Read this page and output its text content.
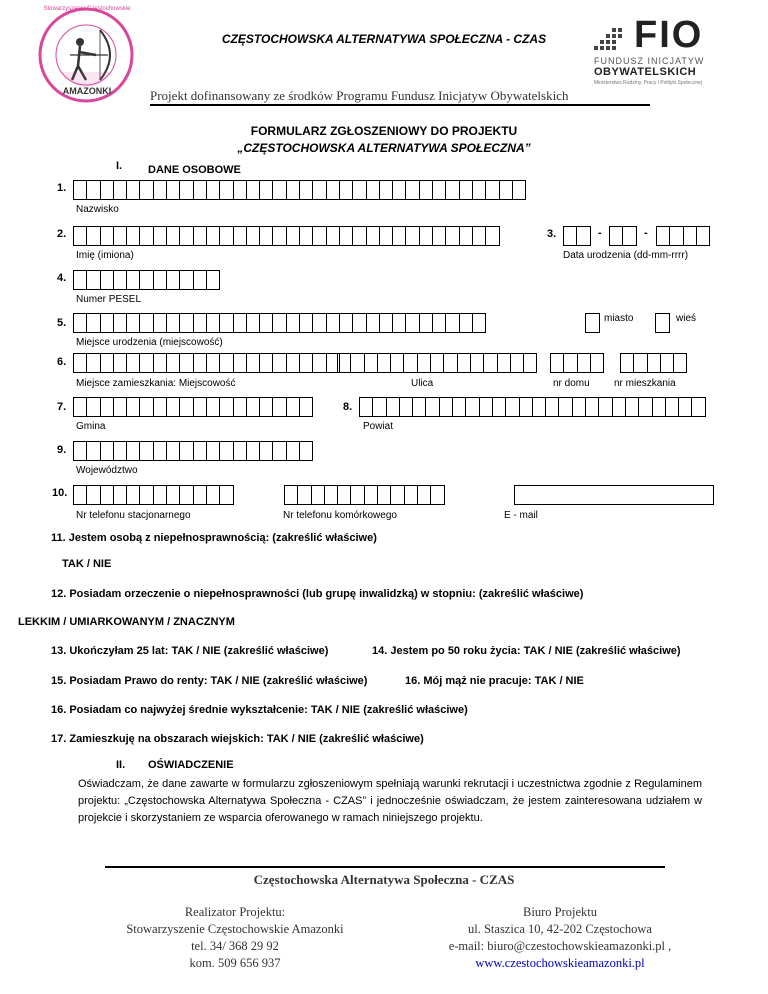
Stowarzyszenie Częstochowskie
AMAZONKI
CZĘSTOCHOWSKA ALTERNATYWA SPOŁECZNA - CZAS	FIO
FUNDUSZ INICJATYW
OBYWATELSKICH
Ministerstwo Rodziny, Pracy i Polityki Społecznej
Projekt dofinansowany ze środków Programu Fundusz Inicjatyw Obywatelskich
FORMULARZ ZGŁOSZENIOWY DO PROJEKTU
„CZĘSTOCHOWSKA ALTERNATYWA SPOŁECZNA”
I. DANE OSOBOWE
1.
Nazwisko
2.
Imię (imiona)
3.	-	-
Data urodzenia (dd-mm-rrrr)
4.
Numer PESEL
5.	miasto	wieś
Miejsce urodzenia (miejscowość)
6.
Miejsce zamieszkania: Miejscowość	Ulica	nr domu nr mieszkania
7.
Gmina
8.
Powiat
9.
Województwo
10.
Nr telefonu stacjonarnego	Nr telefonu komórkowego	E - mail
11. Jestem osobą z niepełnosprawnością: (zakreślić właściwe)
TAK / NIE
12. Posiadam orzeczenie o niepełnosprawności (lub grupę inwalidzką) w stopniu: (zakreślić właściwe)
LEKKIM / UMIARKOWANYM / ZNACZNYM
13. Ukończyłam 25 lat: TAK / NIE (zakreślić właściwe)	14. Jestem po 50 roku życia: TAK / NIE (zakreślić właściwe)
15. Posiadam Prawo do renty: TAK / NIE (zakreślić właściwe)	16. Mój mąż nie pracuje: TAK / NIE
16. Posiadam co najwyżej średnie wykształcenie: TAK / NIE (zakreślić właściwe)
17. Zamieszkuję na obszarach wiejskich: TAK / NIE (zakreślić właściwe)
II. OŚWIADCZENIE
Oświadczam, że dane zawarte w formularzu zgłoszeniowym spełniają warunki rekrutacji i uczestnictwa zgodnie z Regulaminem projektu: „Częstochowska Alternatywa Społeczna - CZAS” i jednocześnie oświadczam, że jestem zainteresowana udziałem w projekcie i skorzystaniem ze wsparcia oferowanego w ramach niniejszego projektu.
Częstochowska Alternatywa Społeczna - CZAS
Realizator Projektu:
Stowarzyszenie Częstochowskie Amazonki
tel. 34/ 368 29 92
kom. 509 656 937
Biuro Projektu
ul. Staszica 10, 42-202 Częstochowa
e-mail: biuro@czestochowskieamazonki.pl ,
www.czestochowskieamazonki.pl
